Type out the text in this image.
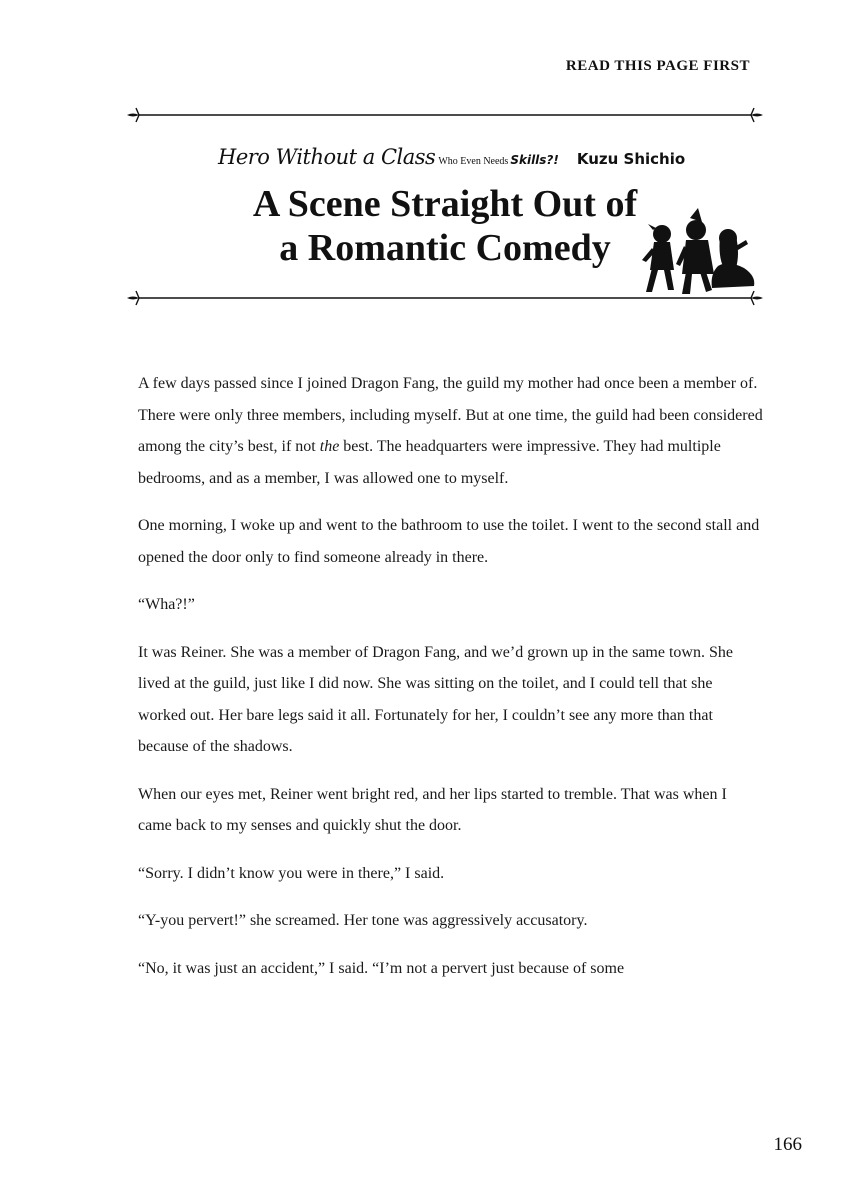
READ THIS PAGE FIRST
Hero Without a Class Who Even Needs Skills?! Kuzu Shichio
A Scene Straight Out of
a Romantic Comedy

A few days passed since I joined Dragon Fang, the guild my mother had once been a member of. There were only three members, including myself. But at one time, the guild had been considered among the city’s best, if not the best. The headquarters were impressive. They had multiple bedrooms, and as a member, I was allowed one to myself.

One morning, I woke up and went to the bathroom to use the toilet. I went to the second stall and opened the door only to find someone already in there.

“Wha?!”

It was Reiner. She was a member of Dragon Fang, and we’d grown up in the same town. She lived at the guild, just like I did now. She was sitting on the toilet, and I could tell that she worked out. Her bare legs said it all. Fortunately for her, I couldn’t see any more than that because of the shadows.

When our eyes met, Reiner went bright red, and her lips started to tremble. That was when I came back to my senses and quickly shut the door.

“Sorry. I didn’t know you were in there,” I said.

“Y-you pervert!” she screamed. Her tone was aggressively accusatory.

“No, it was just an accident,” I said. “I’m not a pervert just because of some

166
